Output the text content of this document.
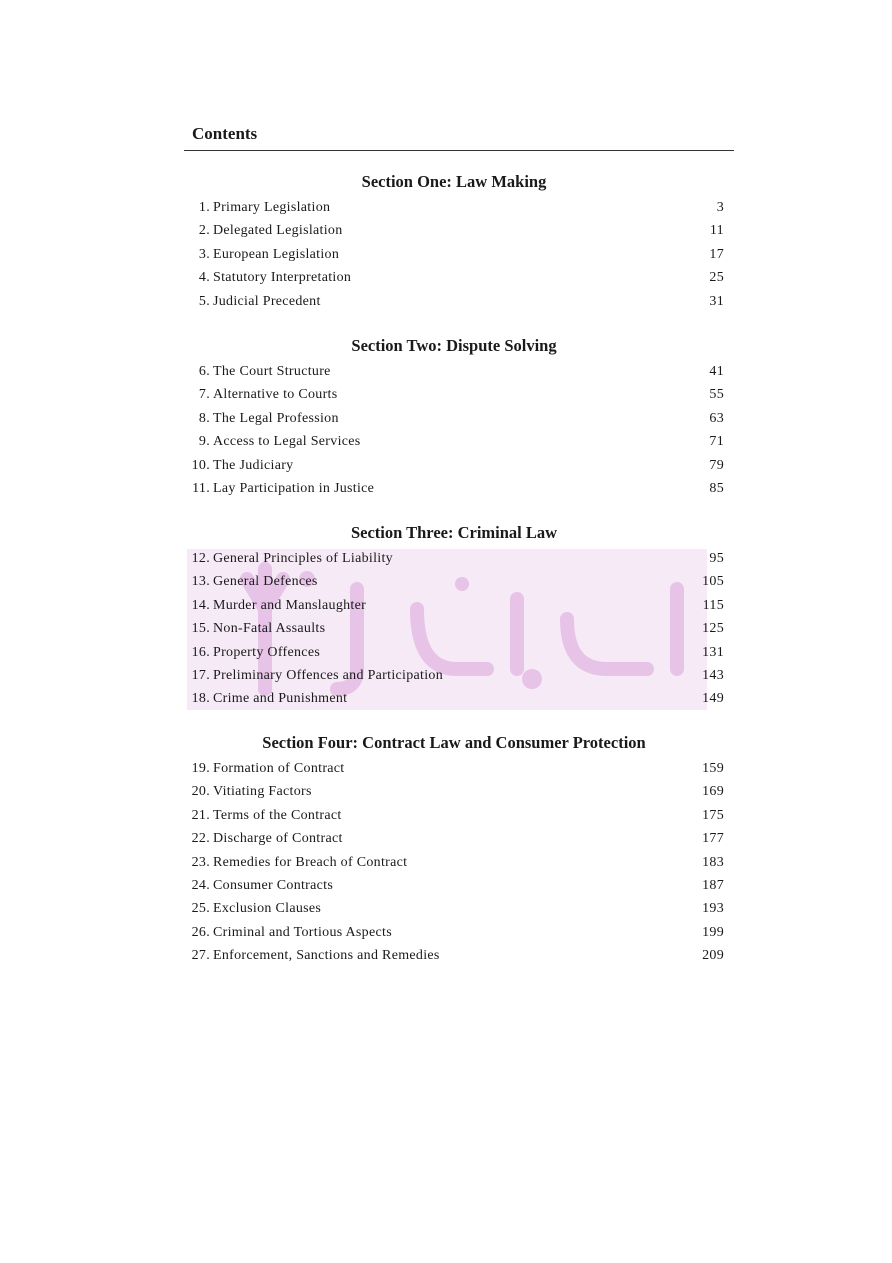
Contents
Section One: Law Making
1. Primary Legislation	3
2. Delegated Legislation	11
3. European Legislation	17
4. Statutory Interpretation	25
5. Judicial Precedent	31
Section Two: Dispute Solving
6. The Court Structure	41
7. Alternative to Courts	55
8. The Legal Profession	63
9. Access to Legal Services	71
10. The Judiciary	79
11. Lay Participation in Justice	85
Section Three: Criminal Law
12. General Principles of Liability	95
13. General Defences	105
14. Murder and Manslaughter	115
15. Non-Fatal Assaults	125
16. Property Offences	131
17. Preliminary Offences and Participation	143
18. Crime and Punishment	149
Section Four: Contract Law and Consumer Protection
19. Formation of Contract	159
20. Vitiating Factors	169
21. Terms of the Contract	175
22. Discharge of Contract	177
23. Remedies for Breach of Contract	183
24. Consumer Contracts	187
25. Exclusion Clauses	193
26. Criminal and Tortious Aspects	199
27. Enforcement, Sanctions and Remedies	209
